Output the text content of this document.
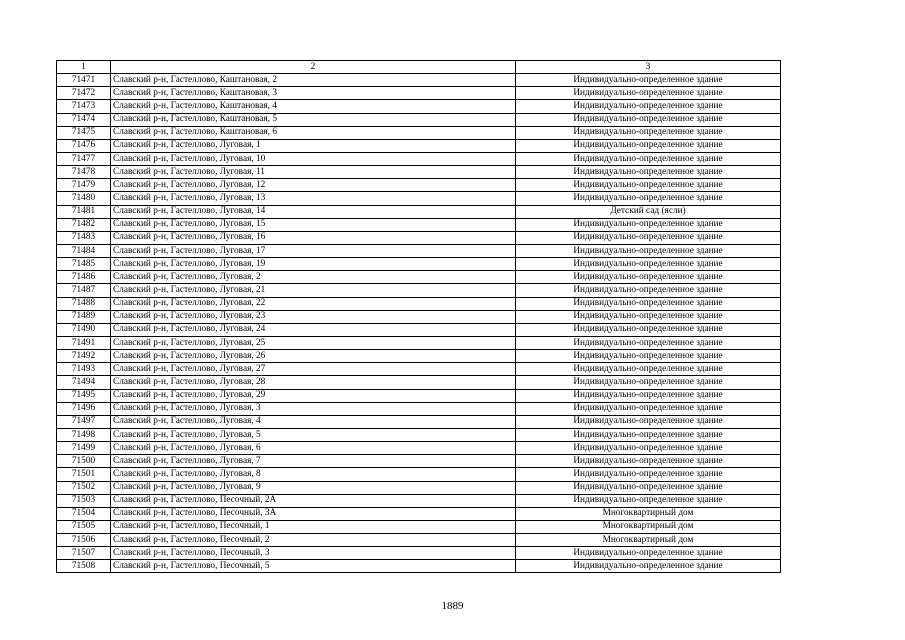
1	2	3
71471	Славский р-н, Гастеллово, Каштановая, 2	Индивидуально-определенное здание
71472	Славский р-н, Гастеллово, Каштановая, 3	Индивидуально-определенное здание
71473	Славский р-н, Гастеллово, Каштановая, 4	Индивидуально-определенное здание
71474	Славский р-н, Гастеллово, Каштановая, 5	Индивидуально-определенное здание
71475	Славский р-н, Гастеллово, Каштановая, 6	Индивидуально-определенное здание
71476	Славский р-н, Гастеллово, Луговая, 1	Индивидуально-определенное здание
71477	Славский р-н, Гастеллово, Луговая, 10	Индивидуально-определенное здание
71478	Славский р-н, Гастеллово, Луговая, 11	Индивидуально-определенное здание
71479	Славский р-н, Гастеллово, Луговая, 12	Индивидуально-определенное здание
71480	Славский р-н, Гастеллово, Луговая, 13	Индивидуально-определенное здание
71481	Славский р-н, Гастеллово, Луговая, 14	Детский сад (ясли)
71482	Славский р-н, Гастеллово, Луговая, 15	Индивидуально-определенное здание
71483	Славский р-н, Гастеллово, Луговая, 16	Индивидуально-определенное здание
71484	Славский р-н, Гастеллово, Луговая, 17	Индивидуально-определенное здание
71485	Славский р-н, Гастеллово, Луговая, 19	Индивидуально-определенное здание
71486	Славский р-н, Гастеллово, Луговая, 2	Индивидуально-определенное здание
71487	Славский р-н, Гастеллово, Луговая, 21	Индивидуально-определенное здание
71488	Славский р-н, Гастеллово, Луговая, 22	Индивидуально-определенное здание
71489	Славский р-н, Гастеллово, Луговая, 23	Индивидуально-определенное здание
71490	Славский р-н, Гастеллово, Луговая, 24	Индивидуально-определенное здание
71491	Славский р-н, Гастеллово, Луговая, 25	Индивидуально-определенное здание
71492	Славский р-н, Гастеллово, Луговая, 26	Индивидуально-определенное здание
71493	Славский р-н, Гастеллово, Луговая, 27	Индивидуально-определенное здание
71494	Славский р-н, Гастеллово, Луговая, 28	Индивидуально-определенное здание
71495	Славский р-н, Гастеллово, Луговая, 29	Индивидуально-определенное здание
71496	Славский р-н, Гастеллово, Луговая, 3	Индивидуально-определенное здание
71497	Славский р-н, Гастеллово, Луговая, 4	Индивидуально-определенное здание
71498	Славский р-н, Гастеллово, Луговая, 5	Индивидуально-определенное здание
71499	Славский р-н, Гастеллово, Луговая, 6	Индивидуально-определенное здание
71500	Славский р-н, Гастеллово, Луговая, 7	Индивидуально-определенное здание
71501	Славский р-н, Гастеллово, Луговая, 8	Индивидуально-определенное здание
71502	Славский р-н, Гастеллово, Луговая, 9	Индивидуально-определенное здание
71503	Славский р-н, Гастеллово, Песочный, 2А	Индивидуально-определенное здание
71504	Славский р-н, Гастеллово, Песочный, 3А	Многоквартирный дом
71505	Славский р-н, Гастеллово, Песочный, 1	Многоквартирный дом
71506	Славский р-н, Гастеллово, Песочный, 2	Многоквартирный дом
71507	Славский р-н, Гастеллово, Песочный, 3	Индивидуально-определенное здание
71508	Славский р-н, Гастеллово, Песочный, 5	Индивидуально-определенное здание
1889
